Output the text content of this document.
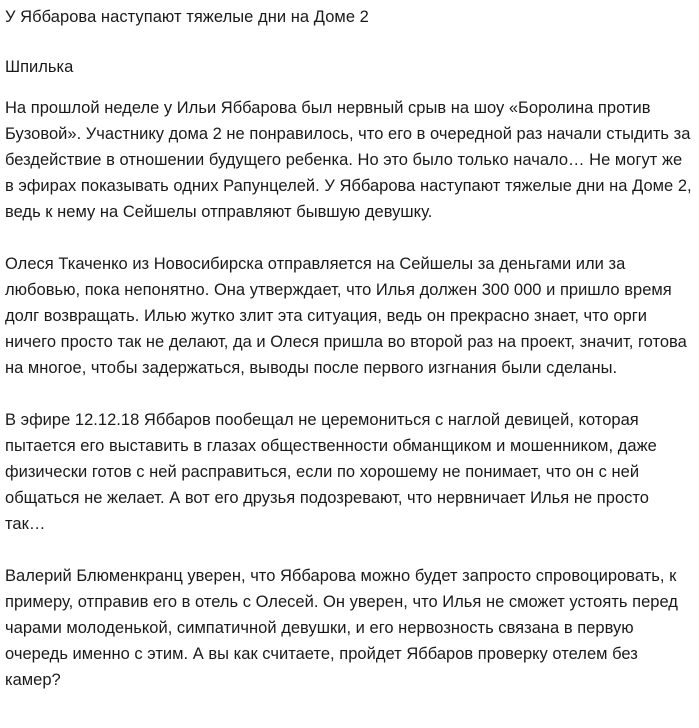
У Яббарова наступают тяжелые дни на Доме 2
Шпилька

На прошлой неделе у Ильи Яббарова был нервный срыв на шоу «Боролина против Бузовой». Участнику дома 2 не понравилось, что его в очередной раз начали стыдить за бездействие в отношении будущего ребенка. Но это было только начало… Не могут же в эфирах показывать одних Рапунцелей. У Яббарова наступают тяжелые дни на Доме 2, ведь к нему на Сейшелы отправляют бывшую девушку.

Олеся Ткаченко из Новосибирска отправляется на Сейшелы за деньгами или за любовью, пока непонятно. Она утверждает, что Илья должен 300 000 и пришло время долг возвращать. Илью жутко злит эта ситуация, ведь он прекрасно знает, что орги ничего просто так не делают, да и Олеся пришла во второй раз на проект, значит, готова на многое, чтобы задержаться, выводы после первого изгнания были сделаны.

В эфире 12.12.18 Яббаров пообещал не церемониться с наглой девицей, которая пытается его выставить в глазах общественности обманщиком и мошенником, даже физически готов с ней расправиться, если по хорошему не понимает, что он с ней общаться не желает. А вот его друзья подозревают, что нервничает Илья не просто так…

Валерий Блюменкранц уверен, что Яббарова можно будет запросто спровоцировать, к примеру, отправив его в отель с Олесей. Он уверен, что Илья не сможет устоять перед чарами молоденькой, симпатичной девушки, и его нервозность связана в первую очередь именно с этим. А вы как считаете, пройдет Яббаров проверку отелем без камер?
